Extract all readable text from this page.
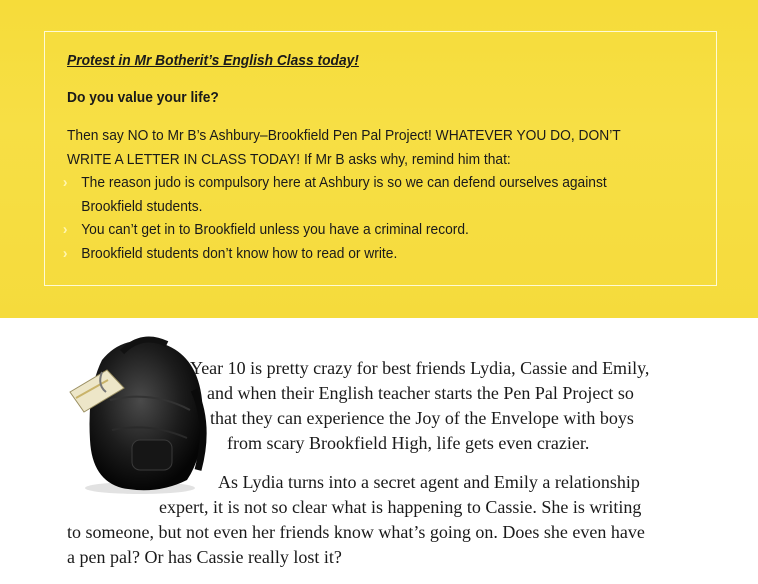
Protest in Mr Botherit’s English Class today!

Do you value your life?

Then say NO to Mr B’s Ashbury–Brookfield Pen Pal Project! WHATEVER YOU DO, DON’T
WRITE A LETTER IN CLASS TODAY! If Mr B asks why, remind him that:

› The reason judo is compulsory here at Ashbury is so we can defend ourselves against
Brookfield students.
› You can’t get in to Brookfield unless you have a criminal record.
› Brookfield students don’t know how to read or write.

Year 10 is pretty crazy for best friends Lydia, Cassie and Emily,

and when their English teacher starts the Pen Pal Project so

that they can experience the Joy of the Envelope with boys

from scary Brookfield High, life gets even crazier.

As Lydia turns into a secret agent and Emily a relationship

expert, it is not so clear what is happening to Cassie. She is writing

to someone, but not even her friends know what’s going on. Does she even have

a pen pal? Or has Cassie really lost it?
